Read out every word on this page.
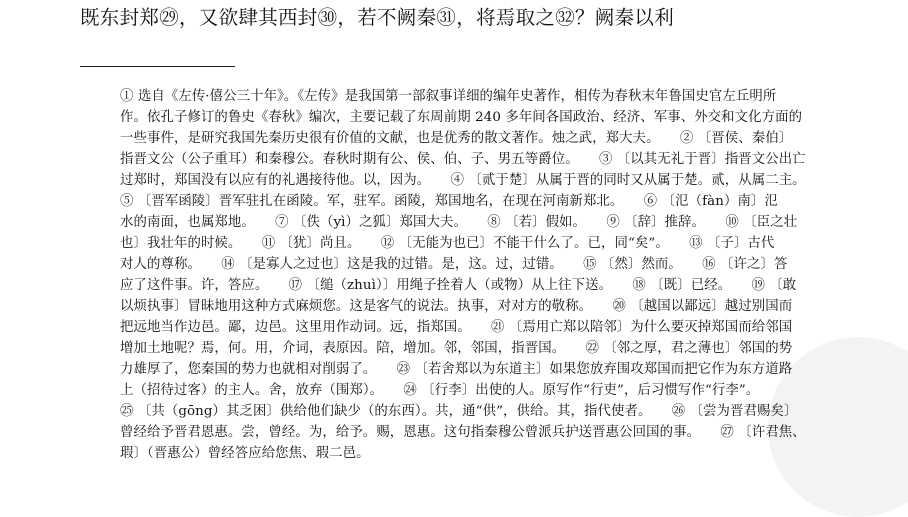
既东封郑㉙，又欲肆其西封㉚，若不阙秦㉛，将焉取之㉜？阙秦以利
① 选自《左传·僖公三十年》。《左传》是我国第一部叙事详细的编年史著作，相传为春秋末年鲁国史官左丘明所
作。依孔子修订的鲁史《春秋》编次，主要记载了东周前期 240 多年间各国政治、经济、军事、外交和文化方面的
一些事件，是研究我国先秦历史很有价值的文献，也是优秀的散文著作。烛之武，郑大夫。　　② 〔晋侯、秦伯〕
指晋文公（公子重耳）和秦穆公。春秋时期有公、侯、伯、子、男五等爵位。　　③ 〔以其无礼于晋〕指晋文公出亡
过郑时，郑国没有以应有的礼遇接待他。以，因为。　　④ 〔贰于楚〕从属于晋的同时又从属于楚。贰，从属二主。
⑤ 〔晋军函陵〕晋军驻扎在函陵。军，驻军。函陵，郑国地名，在现在河南新郑北。　　⑥ 〔氾（fàn）南〕氾
水的南面，也属郑地。　　⑦ 〔佚（yì）之狐〕郑国大夫。　　⑧ 〔若〕假如。　　⑨ 〔辞〕推辞。　　⑩ 〔臣之壮
也〕我壮年的时候。　　⑪ 〔犹〕尚且。　　⑫ 〔无能为也已〕不能干什么了。已，同“矣”。　　⑬ 〔子〕古代
对人的尊称。　　⑭ 〔是寡人之过也〕这是我的过错。是，这。过，过错。　　⑮ 〔然〕然而。　　⑯ 〔许之〕答
应了这件事。许，答应。　　⑰ 〔缒（zhuì）〕用绳子拴着人（或物）从上往下送。　　⑱ 〔既〕已经。　　⑲ 〔敢
以烦执事〕冒昧地用这种方式麻烦您。这是客气的说法。执事，对对方的敬称。　　⑳ 〔越国以鄙远〕越过别国而
把远地当作边邑。鄙，边邑。这里用作动词。远，指郑国。　　㉑ 〔焉用亡郑以陪邻〕为什么要灭掉郑国而给邻国
增加土地呢？焉，何。用，介词，表原因。陪，增加。邻，邻国，指晋国。　　㉒ 〔邻之厚，君之薄也〕邻国的势
力雄厚了，您秦国的势力也就相对削弱了。　　㉓ 〔若舍郑以为东道主〕如果您放弃围攻郑国而把它作为东方道路
上（招待过客）的主人。舍，放弃（围郑）。　　㉔ 〔行李〕出使的人。原写作“行吏”，后习惯写作“行李”。
㉕ 〔共（gōng）其乏困〕供给他们缺少（的东西）。共，通“供”，供给。其，指代使者。　　㉖ 〔尝为晋君赐矣〕
曾经给予晋君恩惠。尝，曾经。为，给予。赐，恩惠。这句指秦穆公曾派兵护送晋惠公回国的事。　　㉗ 〔许君焦、
瑕〕（晋惠公）曾经答应给您焦、瑕二邑。
